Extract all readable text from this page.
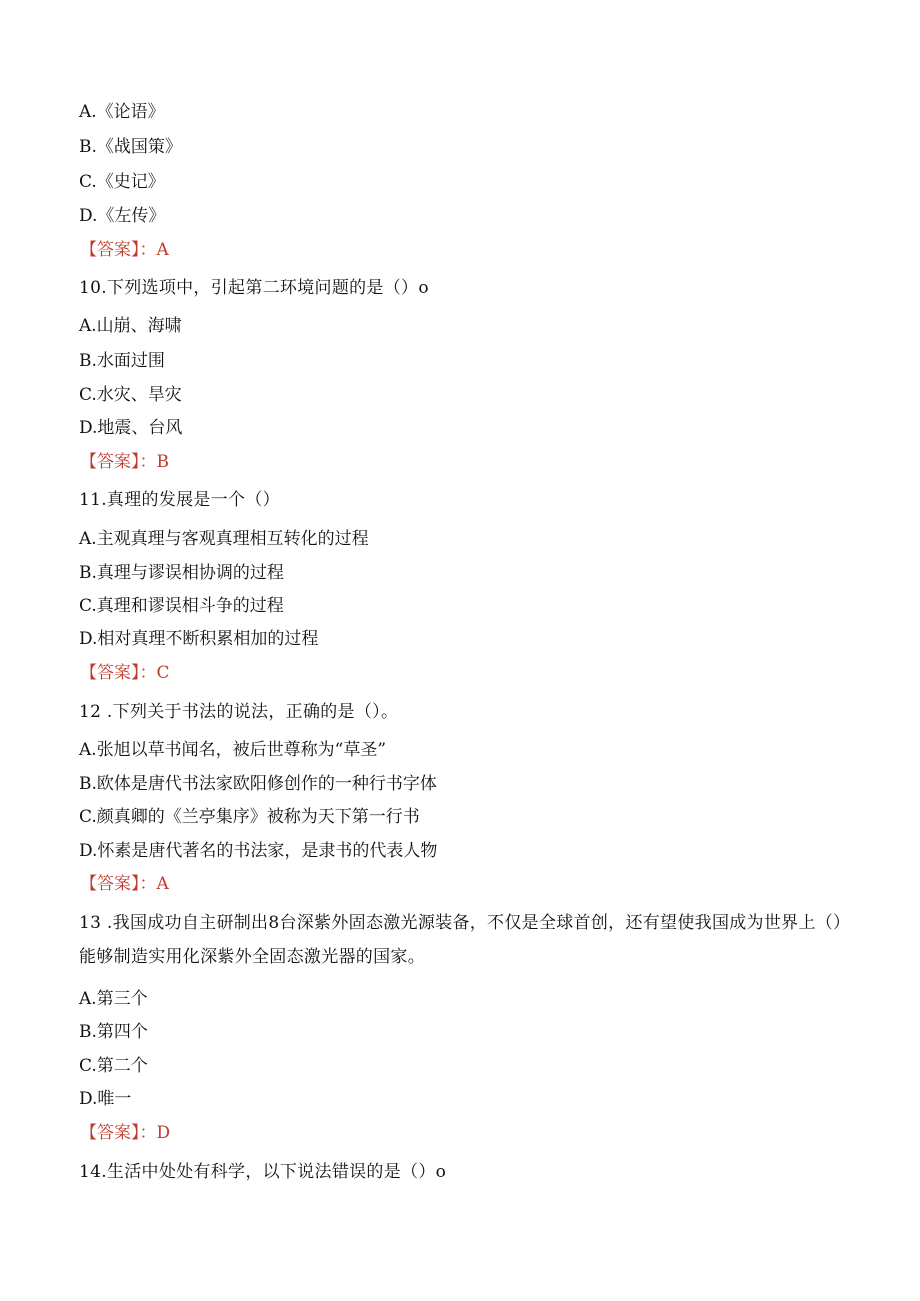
A.《论语》
B.《战国策》
C.《史记》
D.《左传》
【答案】：A
10.下列选项中，引起第二环境问题的是（）o
A.山崩、海啸
B.水面过围
C.水灾、旱灾
D.地震、台风
【答案】：B
11.真理的发展是一个（）
A.主观真理与客观真理相互转化的过程
B.真理与谬误相协调的过程
C.真理和谬误相斗争的过程
D.相对真理不断积累相加的过程
【答案】：C
12 .下列关于书法的说法，正确的是（）。
A.张旭以草书闻名，被后世尊称为“草圣”
B.欧体是唐代书法家欧阳修创作的一种行书字体
C.颜真卿的《兰亭集序》被称为天下第一行书
D.怀素是唐代著名的书法家，是隶书的代表人物
【答案】：A
13 .我国成功自主研制出8台深紫外固态激光源装备，不仅是全球首创，还有望使我国成为世界上（）能够制造实用化深紫外全固态激光器的国家。
A.第三个
B.第四个
C.第二个
D.唯一
【答案】：D
14.生活中处处有科学，以下说法错误的是（）o
